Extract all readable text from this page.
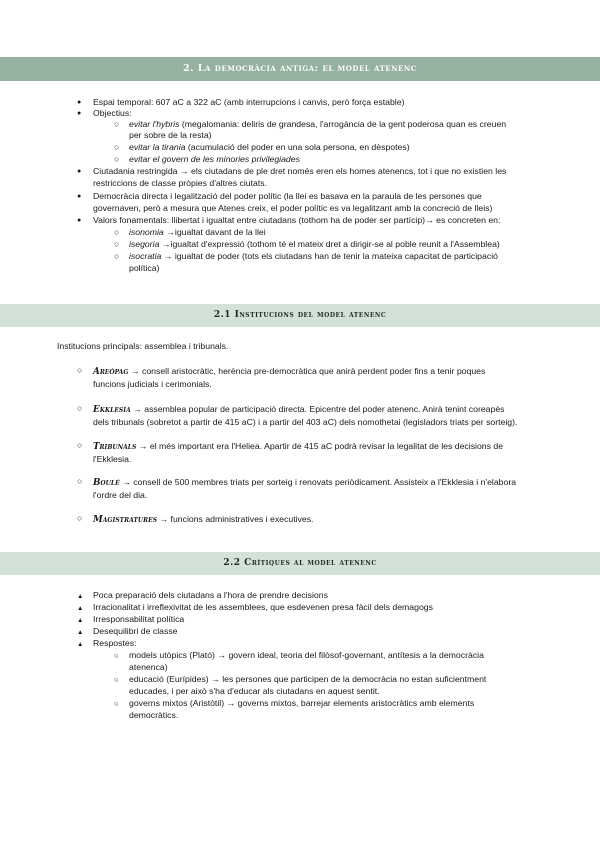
2. La democràcia antiga: el model atenenc
● Espai temporal: 607 aC a 322 aC (amb interrupcions i canvis, però força estable)
● Objectius:
○ evitar l'hybris (megalomania: deliris de grandesa, l'arrogància de la gent poderosa quan es creuen
per sobre de la resta)
○ evitar la tirania (acumulació del poder en una sola persona, en dèspotes)
○ evitar el govern de les minories privilegiades
● Ciutadania restringida → els ciutadans de ple dret només eren els homes atenencs, tot i que no existien les
restriccions de classe pròpies d'altres ciutats.
● Democràcia directa i legalització del poder polític (la llei es basava en la paraula de les persones que
governaven, però a mesura que Atenes creix, el poder polític es va legalitzant amb la concreció de lleis)
● Valors fonamentals: llibertat i igualtat entre ciutadans (tothom ha de poder ser partícip)→ es concreten en:
○ isonomia →igualtat davant de la llei
○ isegoria →igualtat d'expressió (tothom té el mateix dret a dirigir-se al poble reunit a l'Assemblea)
○ isocratia → igualtat de poder (tots els ciutadans han de tenir la mateixa capacitat de participació
política)
2.1 Institucions del model atenenc
Institucions principals: assemblea i tribunals.
○ Areòpag → consell aristocràtic, herència pre-democràtica que anirà perdent poder fins a tenir poques
funcions judicials i cerimonials.
○ Ekklesia → assemblea popular de participació directa. Epicentre del poder atenenc. Anirà tenint coreapès
dels tribunals (sobretot a partir de 415 aC) i a partir del 403 aC) dels nomothetai (legisladors triats per sorteig).
○ Tribunals → el més important era l'Heliea. Apartir de 415 aC podrà revisar la legalitat de les decisions de
l'Ekklesia.
○ Boulé → consell de 500 membres triats per sorteig i renovats periòdicament. Assisteix a l'Ekklesia i n'elabora
l'ordre del dia.
○ Magistratures → funcions administratives i executives.
2.2 Crítiques al model atenenc
▲ Poca preparació dels ciutadans a l'hora de prendre decisions
▲ Irracionalitat i irreflexivitat de les assemblees, que esdevenen presa fàcil dels demagogs
▲ Irresponsabilitat política
▲ Desequilibri de classe
▲ Respostes:
○ models utòpics (Plató) → govern ideal, teoria del filòsof-governant, antítesis a la democràcia
atenenca)
○ educació (Eurípides) → les persones que participen de la democràcia no estan suficientment
educades, i per això s'ha d'educar als ciutadans en aquest sentit.
○ governs mixtos (Aristòtil) → governs mixtos, barrejar elements aristocràtics amb elements
democràtics.
